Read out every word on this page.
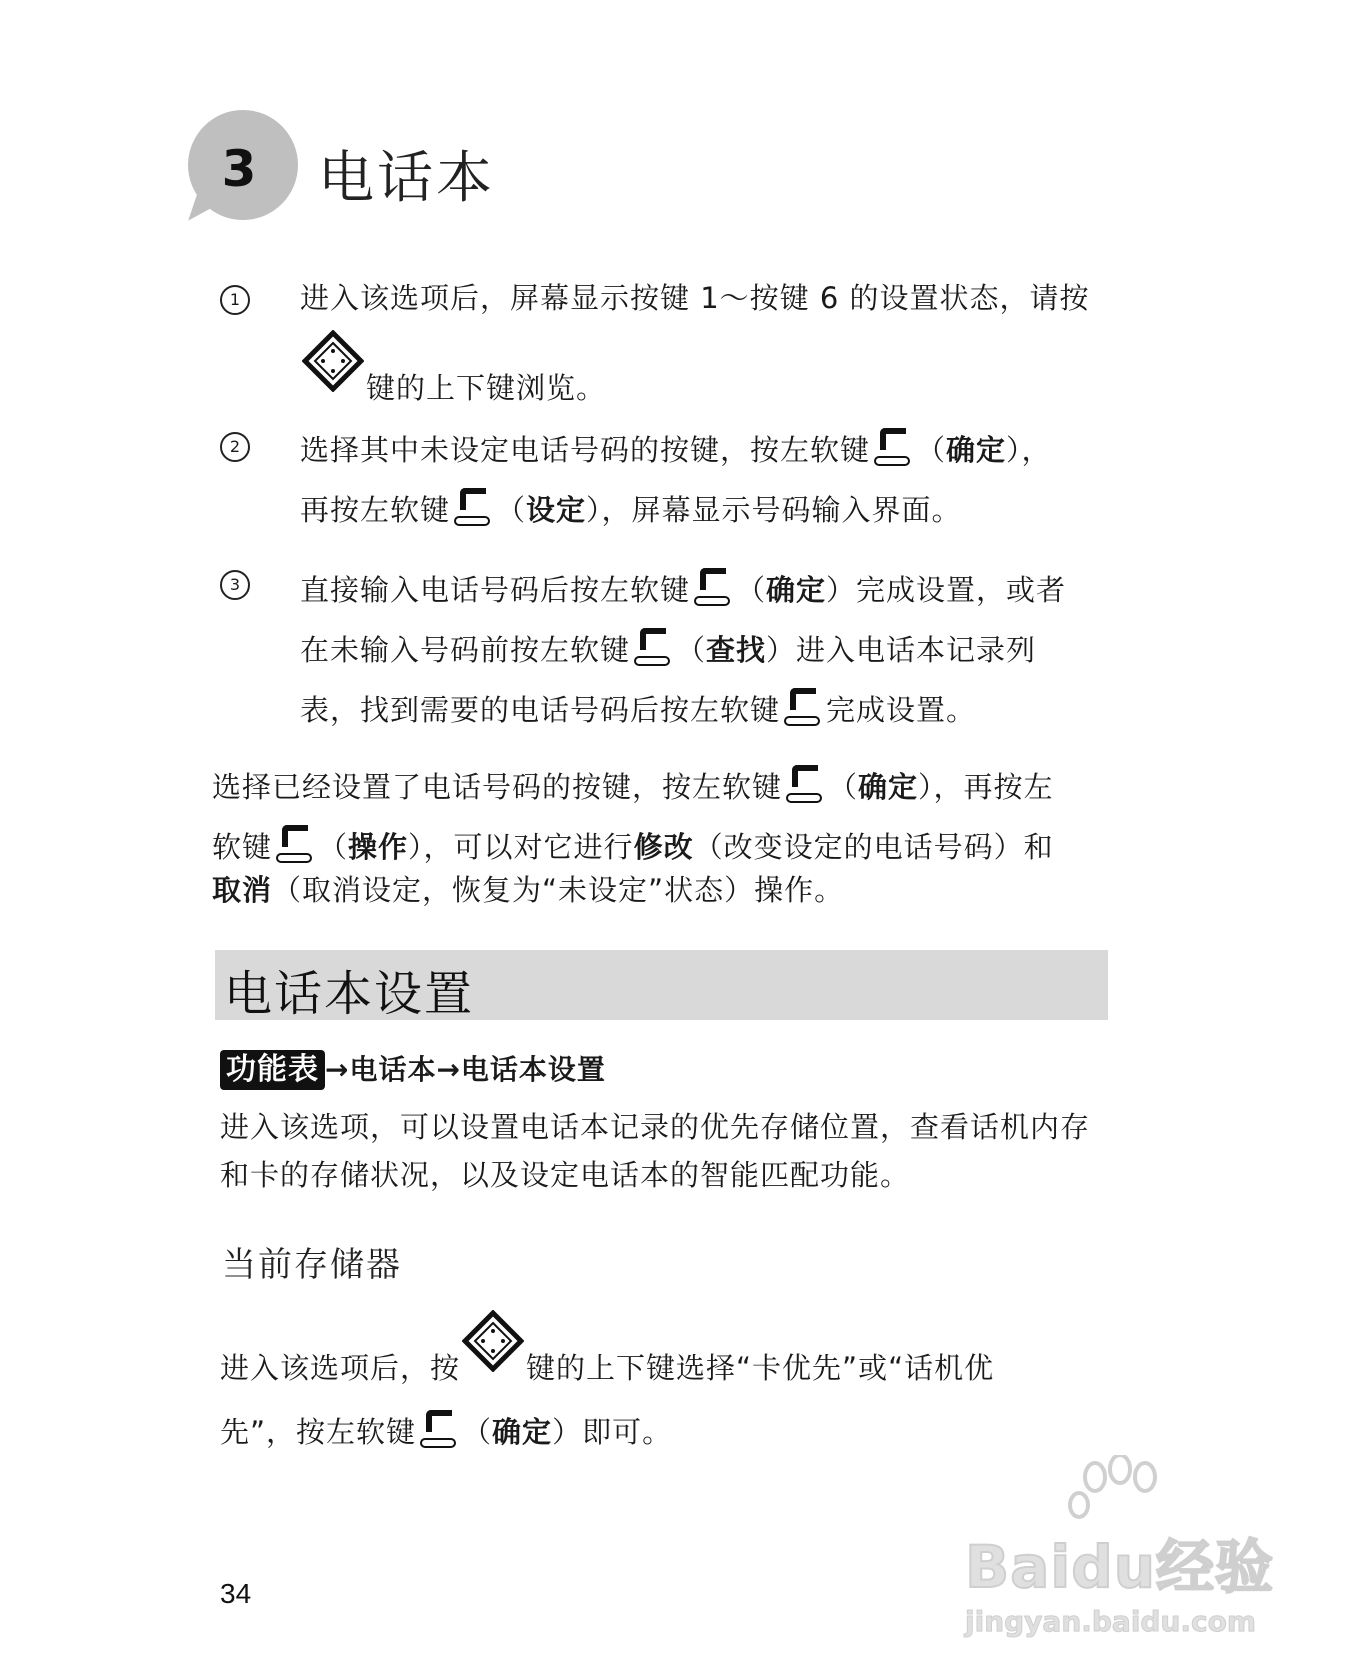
3	电话本
1	进入该选项后，屏幕显示按键 1～按键 6 的设置状态，请按
键的上下键浏览。
2	选择其中未设定电话号码的按键，按左软键 （确定），
再按左软键 （设定），屏幕显示号码输入界面。
3	直接输入电话号码后按左软键 （确定）完成设置，或者
在未输入号码前按左软键 （查找）进入电话本记录列
表，找到需要的电话号码后按左软键 完成设置。
选择已经设置了电话号码的按键，按左软键 （确定），再按左
软键 （操作），可以对它进行修改（改变设定的电话号码）和
取消（取消设定，恢复为“未设定”状态）操作。
电话本设置
功能表 →电话本→电话本设置
进入该选项，可以设置电话本记录的优先存储位置，查看话机内存
和卡的存储状况，以及设定电话本的智能匹配功能。
当前存储器
进入该选项后，按 键的上下键选择“卡优先”或“话机优
先”，按左软键 （确定）即可。
34	Baidu经验
jingyan.baidu.com
